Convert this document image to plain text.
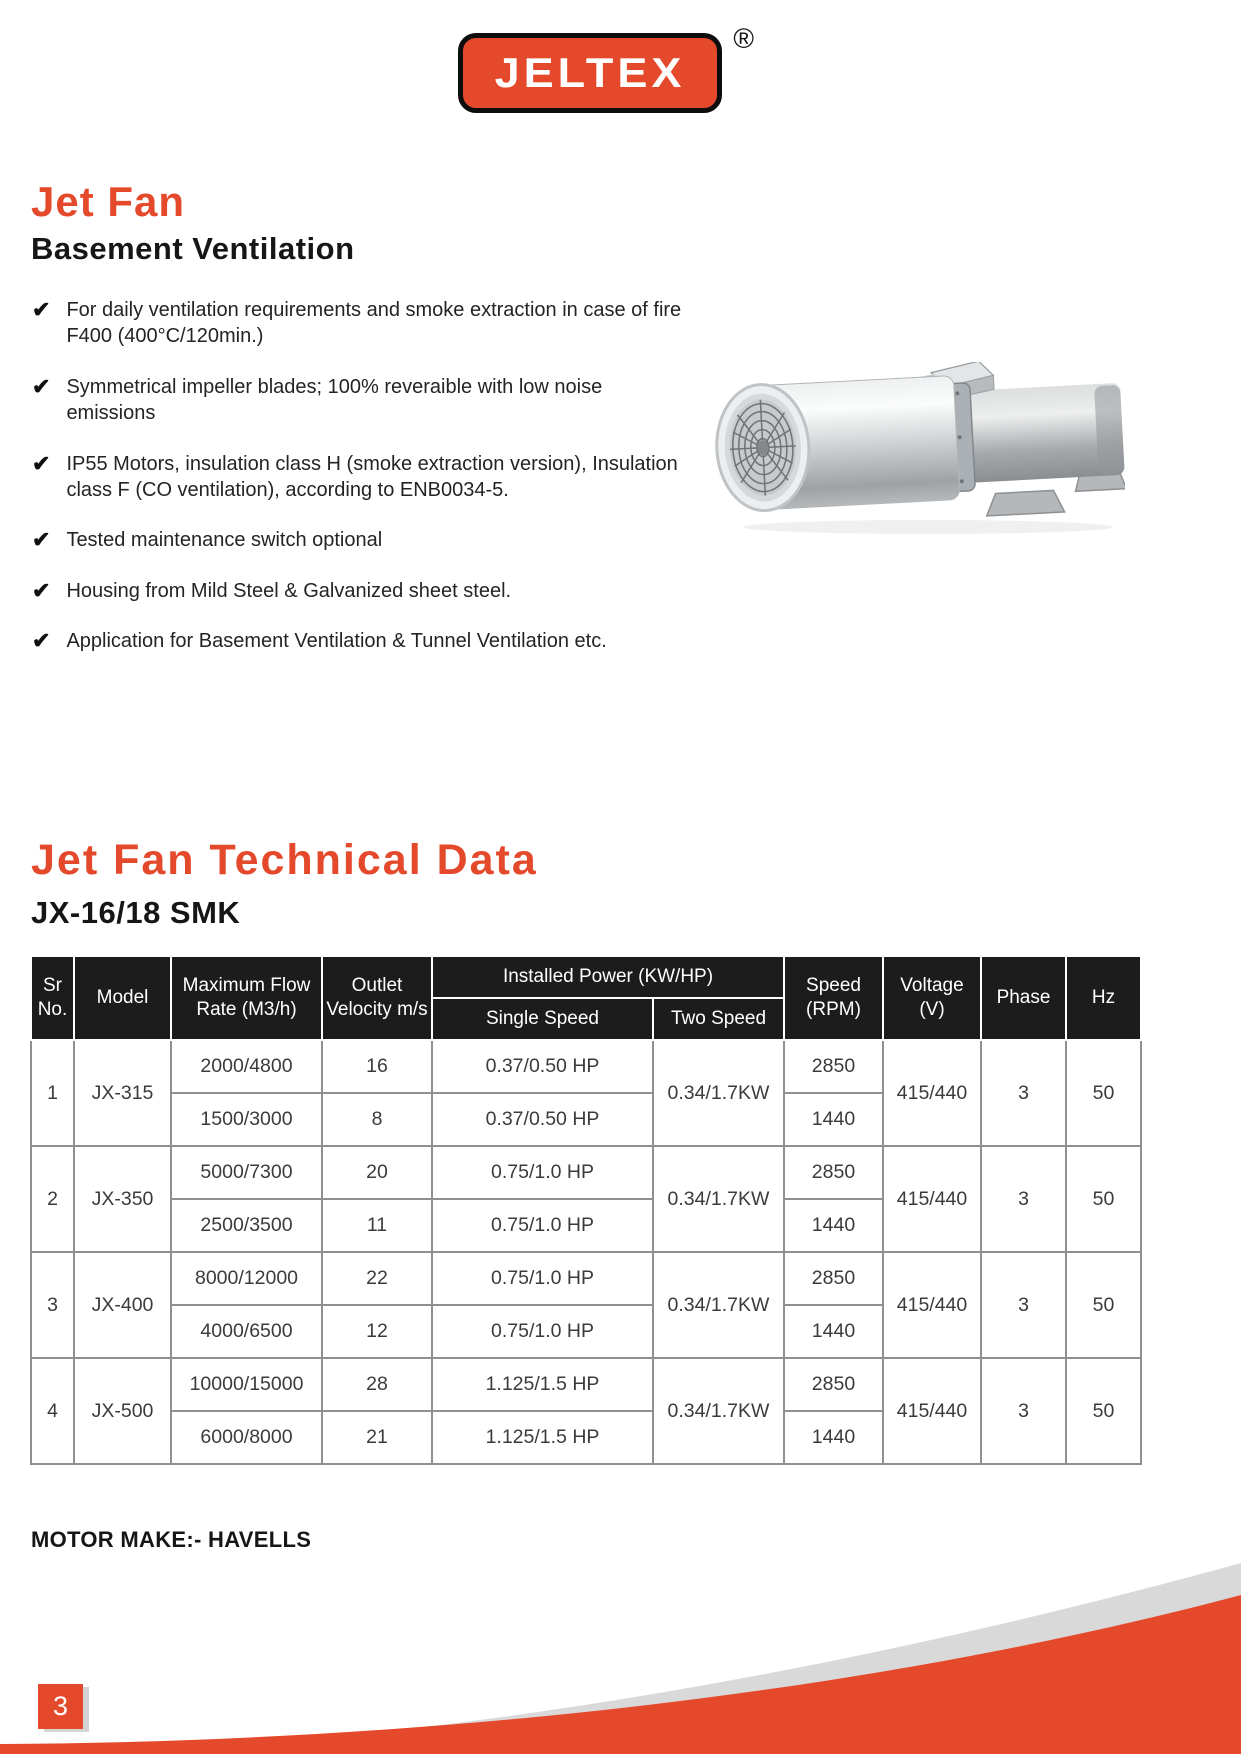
JELTEX
®
Jet Fan
Basement Ventilation
✔ For daily ventilation requirements and smoke extraction in case of fire F400 (400°C/120min.)
✔ Symmetrical impeller blades; 100% reveraible with low noise emissions
✔ IP55 Motors, insulation class H (smoke extraction version), Insulation class F (CO ventilation), according to ENB0034-5.
✔ Tested maintenance switch optional
✔ Housing from Mild Steel & Galvanized sheet steel.
✔ Application for Basement Ventilation & Tunnel Ventilation etc.
Jet Fan Technical Data
JX-16/18 SMK
Sr No.	Model	Maximum Flow Rate (M3/h)	Outlet Velocity m/s	Installed Power (KW/HP)		Speed (RPM)	Voltage (V)	Phase	Hz
				Single Speed	Two Speed				
1	JX-315	2000/4800	16	0.37/0.50 HP	0.34/1.7KW	2850	415/440	3	50
		1500/3000	8	0.37/0.50 HP		1440			
2	JX-350	5000/7300	20	0.75/1.0 HP	0.34/1.7KW	2850	415/440	3	50
		2500/3500	11	0.75/1.0 HP		1440			
3	JX-400	8000/12000	22	0.75/1.0 HP	0.34/1.7KW	2850	415/440	3	50
		4000/6500	12	0.75/1.0 HP		1440			
4	JX-500	10000/15000	28	1.125/1.5 HP	0.34/1.7KW	2850	415/440	3	50
		6000/8000	21	1.125/1.5 HP		1440			
MOTOR MAKE:- HAVELLS
3
